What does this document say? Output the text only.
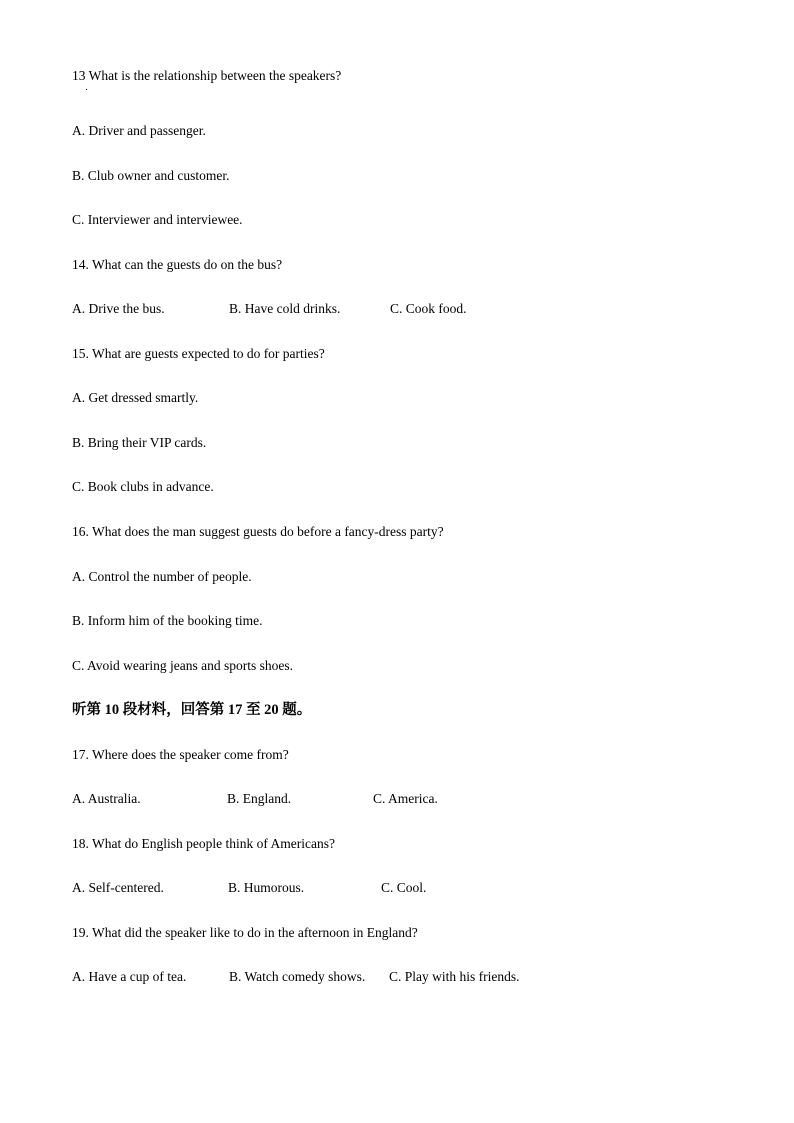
13 What is the relationship between the speakers?
A. Driver and passenger.
B. Club owner and customer.
C. Interviewer and interviewee.
14. What can the guests do on the bus?
A. Drive the bus.	B. Have cold drinks.	C. Cook food.
15. What are guests expected to do for parties?
A. Get dressed smartly.
B. Bring their VIP cards.
C. Book clubs in advance.
16. What does the man suggest guests do before a fancy-dress party?
A. Control the number of people.
B. Inform him of the booking time.
C. Avoid wearing jeans and sports shoes.
听第 10 段材料，回答第 17 至 20 题。
17. Where does the speaker come from?
A. Australia.	B. England.	C. America.
18. What do English people think of Americans?
A. Self-centered.	B. Humorous.	C. Cool.
19. What did the speaker like to do in the afternoon in England?
A. Have a cup of tea.	B. Watch comedy shows. C. Play with his friends.
